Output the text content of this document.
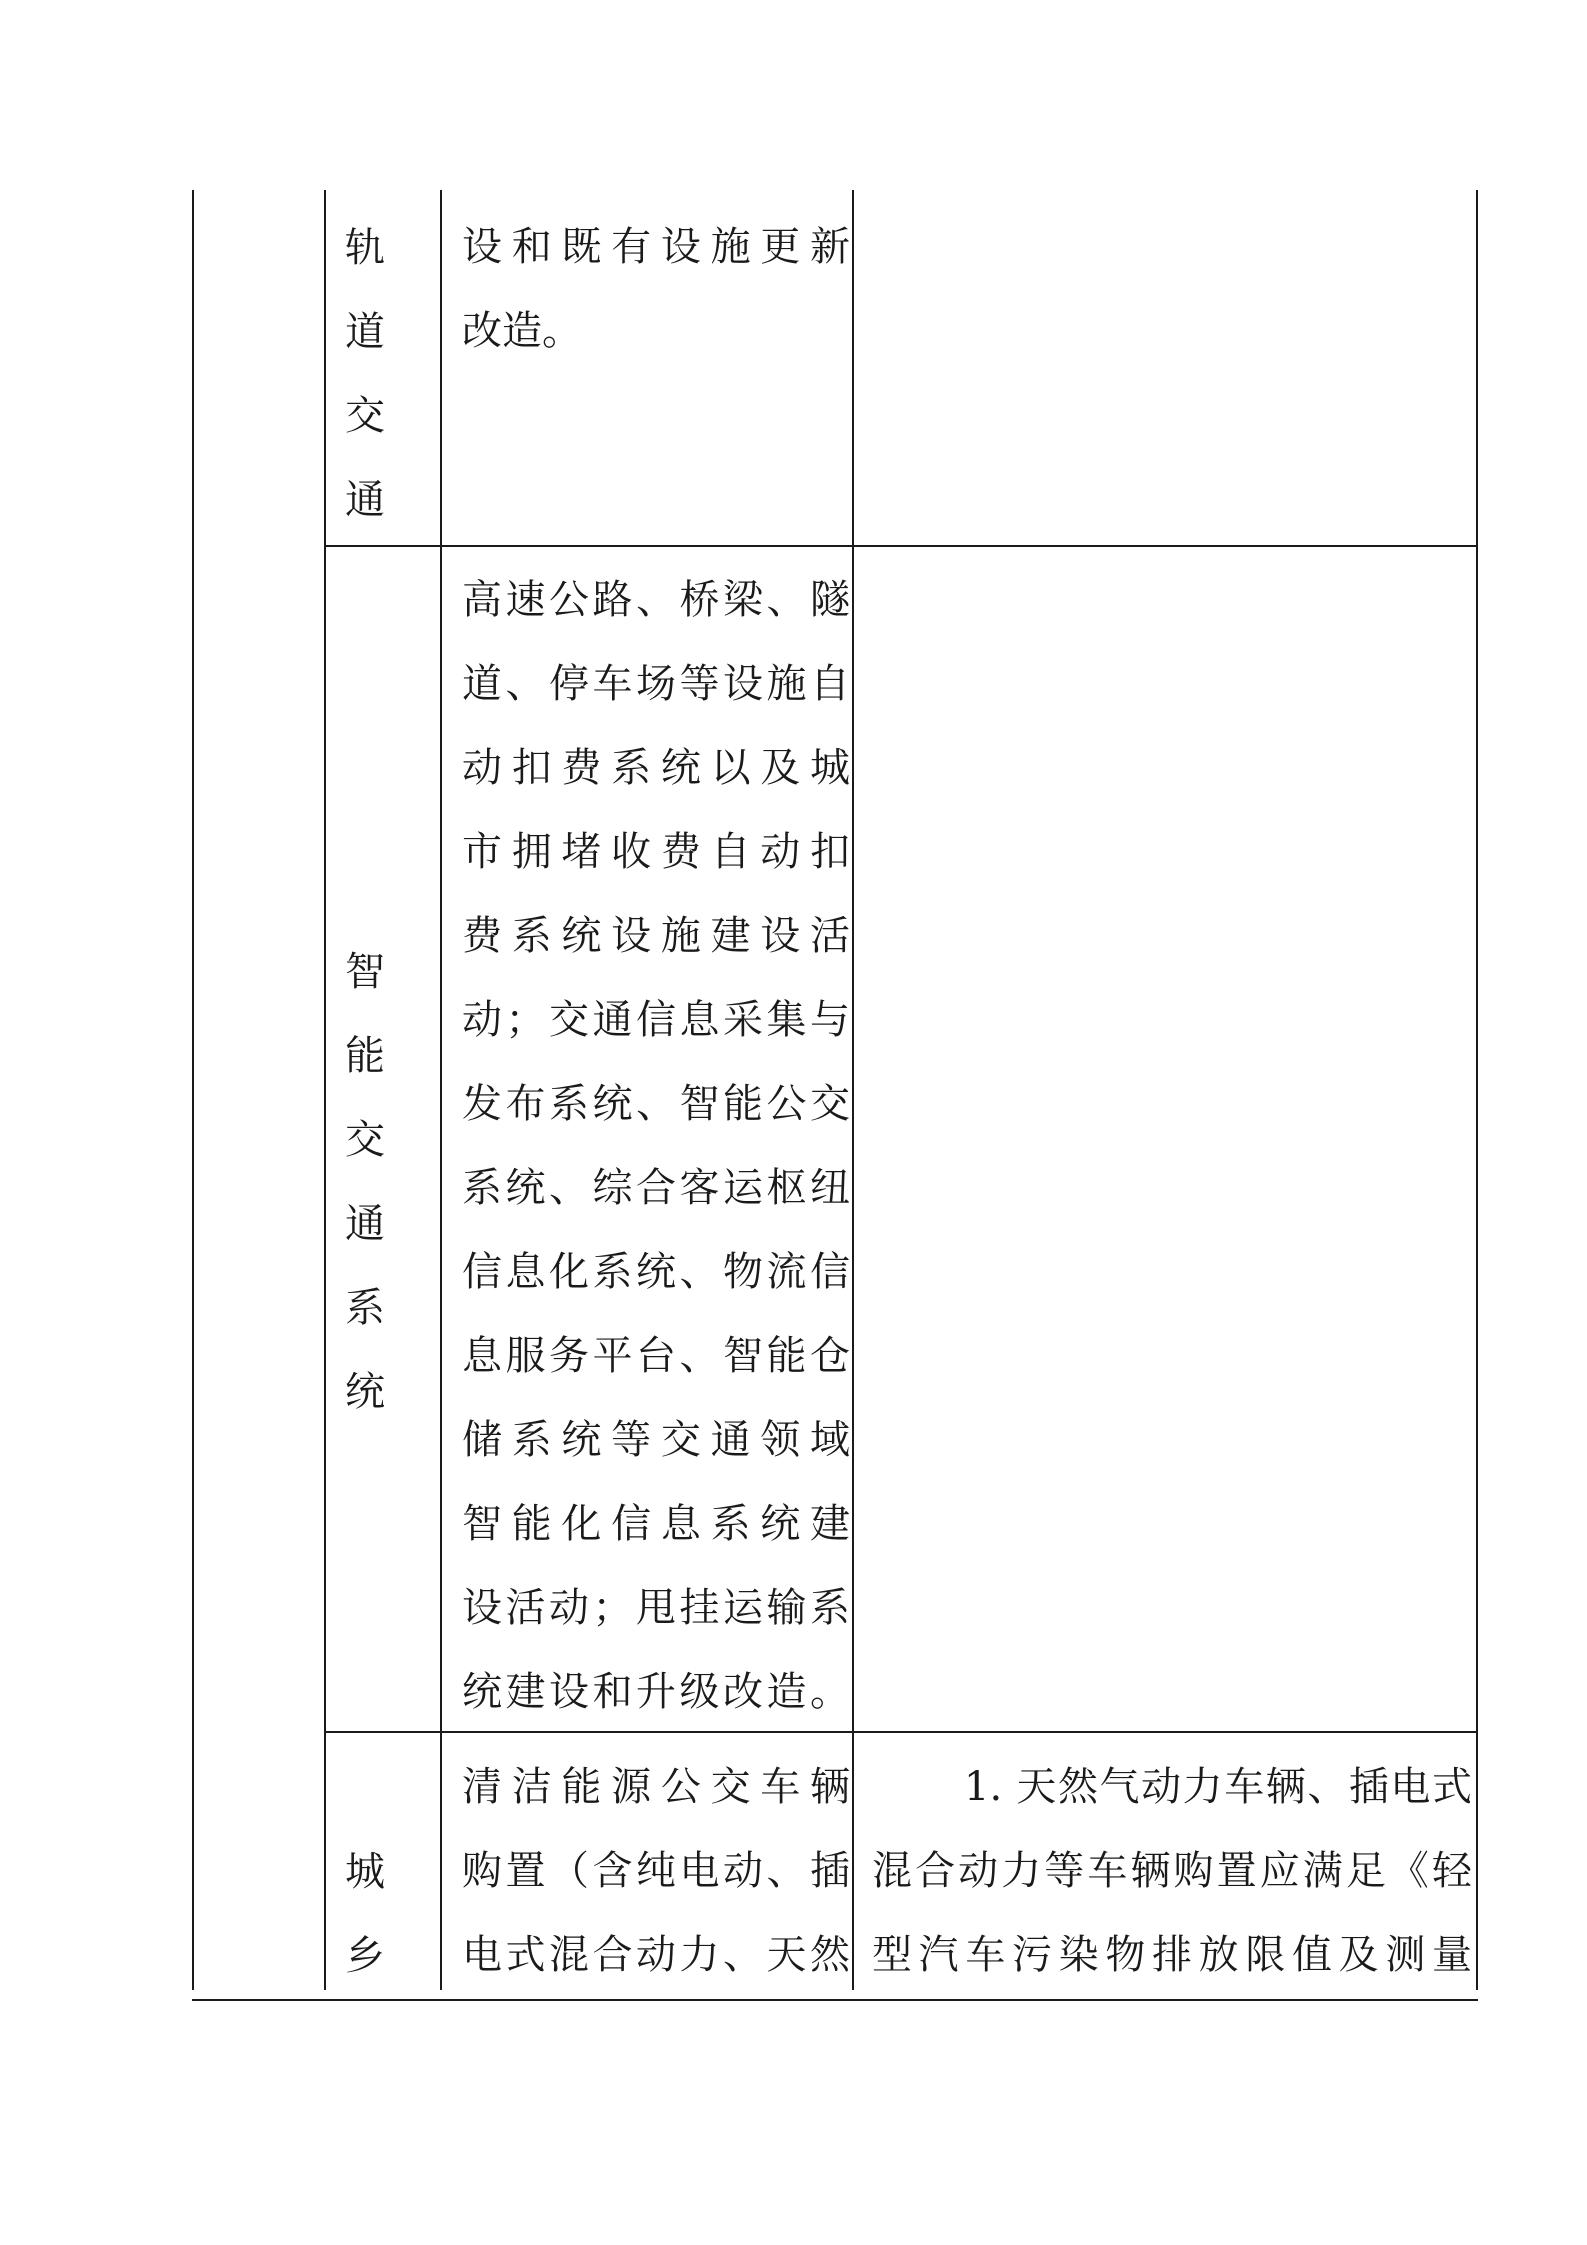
轨
道
交
通
设和既有设施更新
改造。
智
能
交
通
系
统
高速公路、桥梁、隧
道、停车场等设施自
动扣费系统以及城
市拥堵收费自动扣
费系统设施建设活
动；交通信息采集与
发布系统、智能公交
系统、综合客运枢纽
信息化系统、物流信
息服务平台、智能仓
储系统等交通领域
智能化信息系统建
设活动；甩挂运输系
统建设和升级改造。
城
乡
清洁能源公交车辆
购置（含纯电动、插
电式混合动力、天然
1. 天然气动力车辆、插电式
混合动力等车辆购置应满足《轻
型汽车污染物排放限值及测量
